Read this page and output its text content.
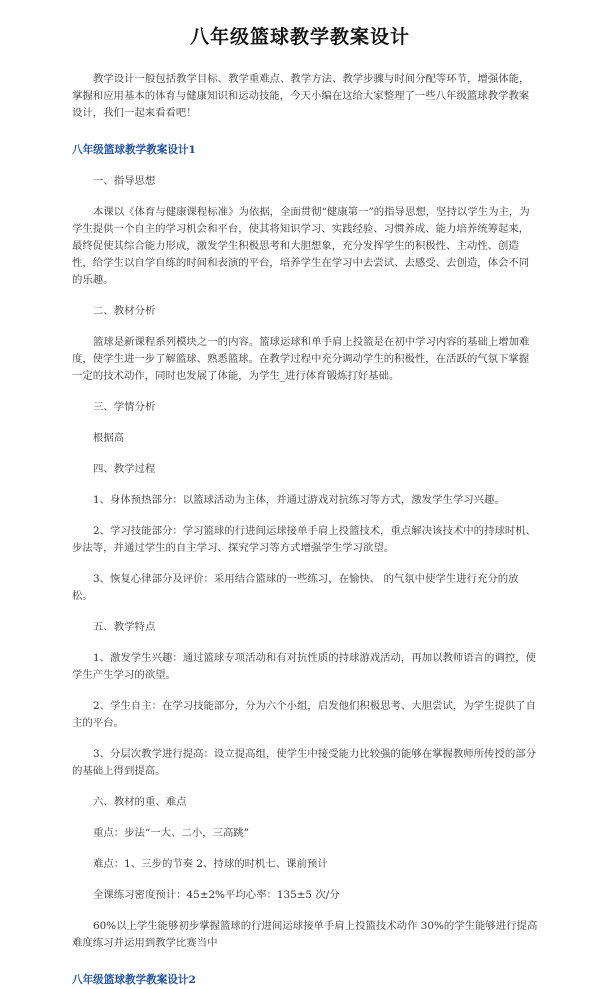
八年级篮球教学教案设计

教学设计一般包括教学目标、教学重难点、教学方法、教学步骤与时间分配等环节，增强体能，掌握和应用基本的体育与健康知识和运动技能，今天小编在这给大家整理了一些八年级篮球教学教案设计，我们一起来看看吧！

八年级篮球教学教案设计1

一、指导思想

本课以《体育与健康课程标准》为依据，全面贯彻“健康第一”的指导思想，坚持以学生为主，为学生提供一个自主的学习机会和平台，使其将知识学习、实践经验、习惯养成、能力培养统筹起来，最终促使其综合能力形成，激发学生积极思考和大胆想象，充分发挥学生的积极性、主动性、创造性，给学生以自学自练的时间和表演的平台，培养学生在学习中去尝试、去感受、去创造，体会不同的乐趣。

二、教材分析

篮球是新课程系列模块之一的内容。篮球运球和单手肩上投篮是在初中学习内容的基础上增加难度，使学生进一步了解篮球、熟悉篮球。在教学过程中充分调动学生的积极性，在活跃的气氛下掌握一定的技术动作，同时也发展了体能，为学生_进行体育锻炼打好基础。

三、学情分析

根据高

四、教学过程

1、身体预热部分：以篮球活动为主体，并通过游戏对抗练习等方式，激发学生学习兴趣。

2、学习技能部分：学习篮球的行进间运球接单手肩上投篮技术，重点解决该技术中的持球时机、步法等，并通过学生的自主学习、探究学习等方式增强学生学习欲望。

3、恢复心律部分及评价：采用结合篮球的一些练习，在愉快、 的气氛中使学生进行充分的放松。

五、教学特点

1、激发学生兴趣：通过篮球专项活动和有对抗性质的持球游戏活动，再加以教师语言的调控，使学生产生学习的欲望。

2、学生自主：在学习技能部分，分为六个小组，启发他们积极思考、大胆尝试，为学生提供了自主的平台。

3、分层次教学进行提高：设立提高组，使学生中接受能力比较强的能够在掌握教师所传授的部分的基础上得到提高。

六、教材的重、难点

重点：步法“一大、二小，三高跳”

难点：1、三步的节奏 2、持球的时机七、课前预计

全课练习密度预计：45±2%平均心率：135±5 次/分

60%以上学生能够初步掌握篮球的行进间运球接单手肩上投篮技术动作 30%的学生能够进行提高难度练习并运用到教学比赛当中

八年级篮球教学教案设计2
